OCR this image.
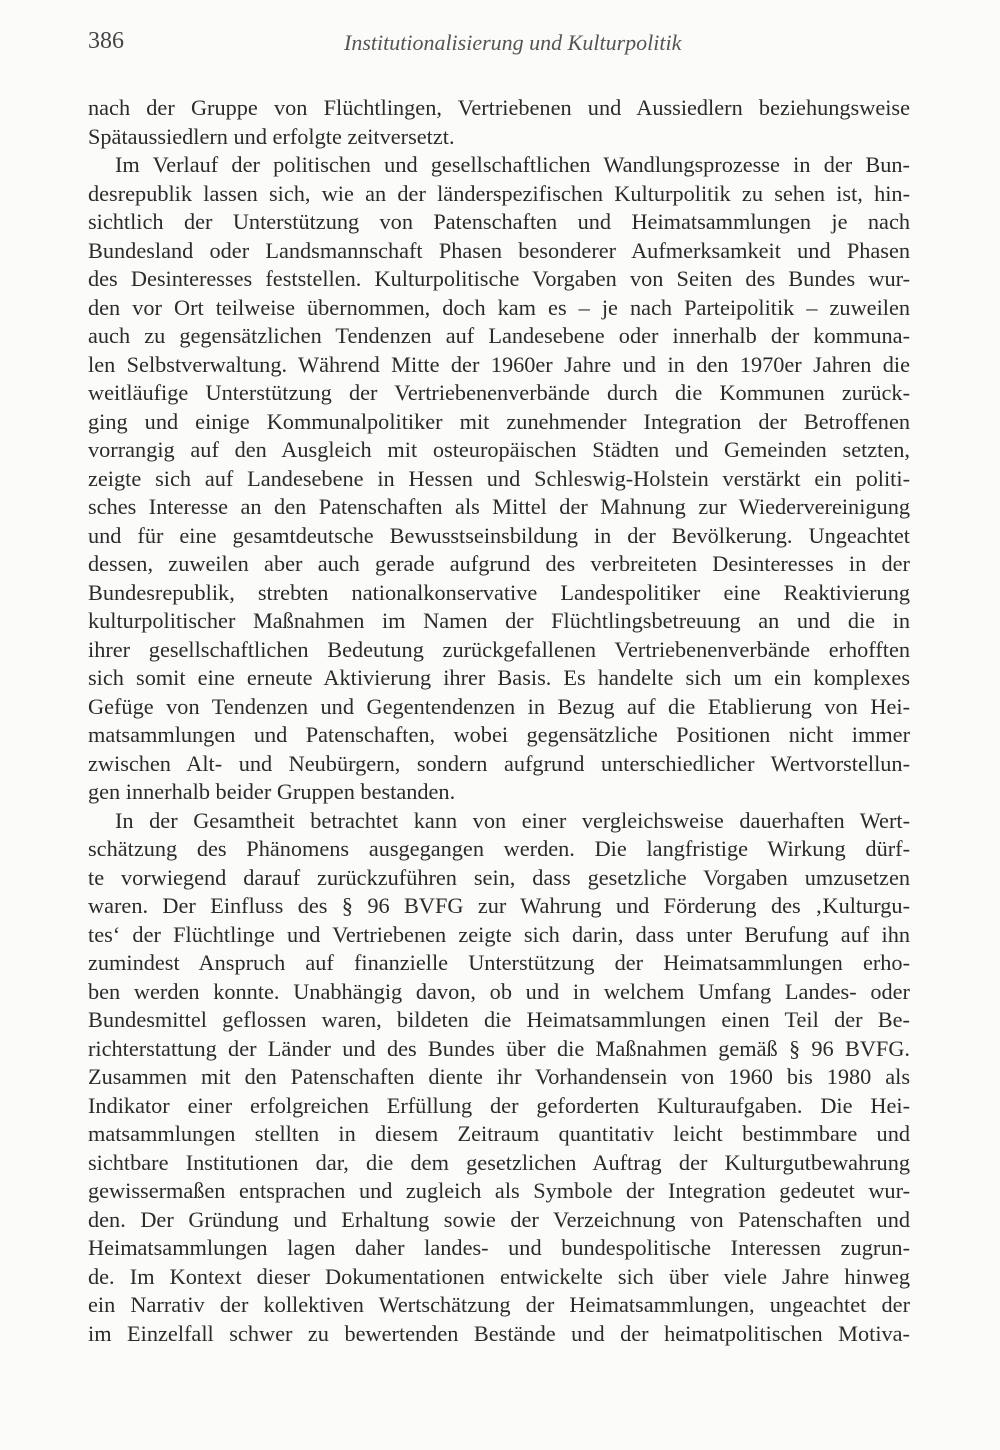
386	Institutionalisierung und Kulturpolitik
nach der Gruppe von Flüchtlingen, Vertriebenen und Aussiedlern beziehungsweise
Spätaussiedlern und erfolgte zeitversetzt.
Im Verlauf der politischen und gesellschaftlichen Wandlungsprozesse in der Bun-
desrepublik lassen sich, wie an der länderspezifischen Kulturpolitik zu sehen ist, hin-
sichtlich der Unterstützung von Patenschaften und Heimatsammlungen je nach
Bundesland oder Landsmannschaft Phasen besonderer Aufmerksamkeit und Phasen
des Desinteresses feststellen. Kulturpolitische Vorgaben von Seiten des Bundes wur-
den vor Ort teilweise übernommen, doch kam es – je nach Parteipolitik – zuweilen
auch zu gegensätzlichen Tendenzen auf Landesebene oder innerhalb der kommuna-
len Selbstverwaltung. Während Mitte der 1960er Jahre und in den 1970er Jahren die
weitläufige Unterstützung der Vertriebenenverbände durch die Kommunen zurück-
ging und einige Kommunalpolitiker mit zunehmender Integration der Betroffenen
vorrangig auf den Ausgleich mit osteuropäischen Städten und Gemeinden setzten,
zeigte sich auf Landesebene in Hessen und Schleswig-Holstein verstärkt ein politi-
sches Interesse an den Patenschaften als Mittel der Mahnung zur Wiedervereinigung
und für eine gesamtdeutsche Bewusstseinsbildung in der Bevölkerung. Ungeachtet
dessen, zuweilen aber auch gerade aufgrund des verbreiteten Desinteresses in der
Bundesrepublik, strebten nationalkonservative Landespolitiker eine Reaktivierung
kulturpolitischer Maßnahmen im Namen der Flüchtlingsbetreuung an und die in
ihrer gesellschaftlichen Bedeutung zurückgefallenen Vertriebenenverbände erhofften
sich somit eine erneute Aktivierung ihrer Basis. Es handelte sich um ein komplexes
Gefüge von Tendenzen und Gegentendenzen in Bezug auf die Etablierung von Hei-
matsammlungen und Patenschaften, wobei gegensätzliche Positionen nicht immer
zwischen Alt- und Neubürgern, sondern aufgrund unterschiedlicher Wertvorstellun-
gen innerhalb beider Gruppen bestanden.
In der Gesamtheit betrachtet kann von einer vergleichsweise dauerhaften Wert-
schätzung des Phänomens ausgegangen werden. Die langfristige Wirkung dürf-
te vorwiegend darauf zurückzuführen sein, dass gesetzliche Vorgaben umzusetzen
waren. Der Einfluss des § 96 BVFG zur Wahrung und Förderung des ‚Kulturgu-
tes‘ der Flüchtlinge und Vertriebenen zeigte sich darin, dass unter Berufung auf ihn
zumindest Anspruch auf finanzielle Unterstützung der Heimatsammlungen erho-
ben werden konnte. Unabhängig davon, ob und in welchem Umfang Landes- oder
Bundesmittel geflossen waren, bildeten die Heimatsammlungen einen Teil der Be-
richterstattung der Länder und des Bundes über die Maßnahmen gemäß § 96 BVFG.
Zusammen mit den Patenschaften diente ihr Vorhandensein von 1960 bis 1980 als
Indikator einer erfolgreichen Erfüllung der geforderten Kulturaufgaben. Die Hei-
matsammlungen stellten in diesem Zeitraum quantitativ leicht bestimmbare und
sichtbare Institutionen dar, die dem gesetzlichen Auftrag der Kulturgutbewahrung
gewissermaßen entsprachen und zugleich als Symbole der Integration gedeutet wur-
den. Der Gründung und Erhaltung sowie der Verzeichnung von Patenschaften und
Heimatsammlungen lagen daher landes- und bundespolitische Interessen zugrun-
de. Im Kontext dieser Dokumentationen entwickelte sich über viele Jahre hinweg
ein Narrativ der kollektiven Wertschätzung der Heimatsammlungen, ungeachtet der
im Einzelfall schwer zu bewertenden Bestände und der heimatpolitischen Motiva-
